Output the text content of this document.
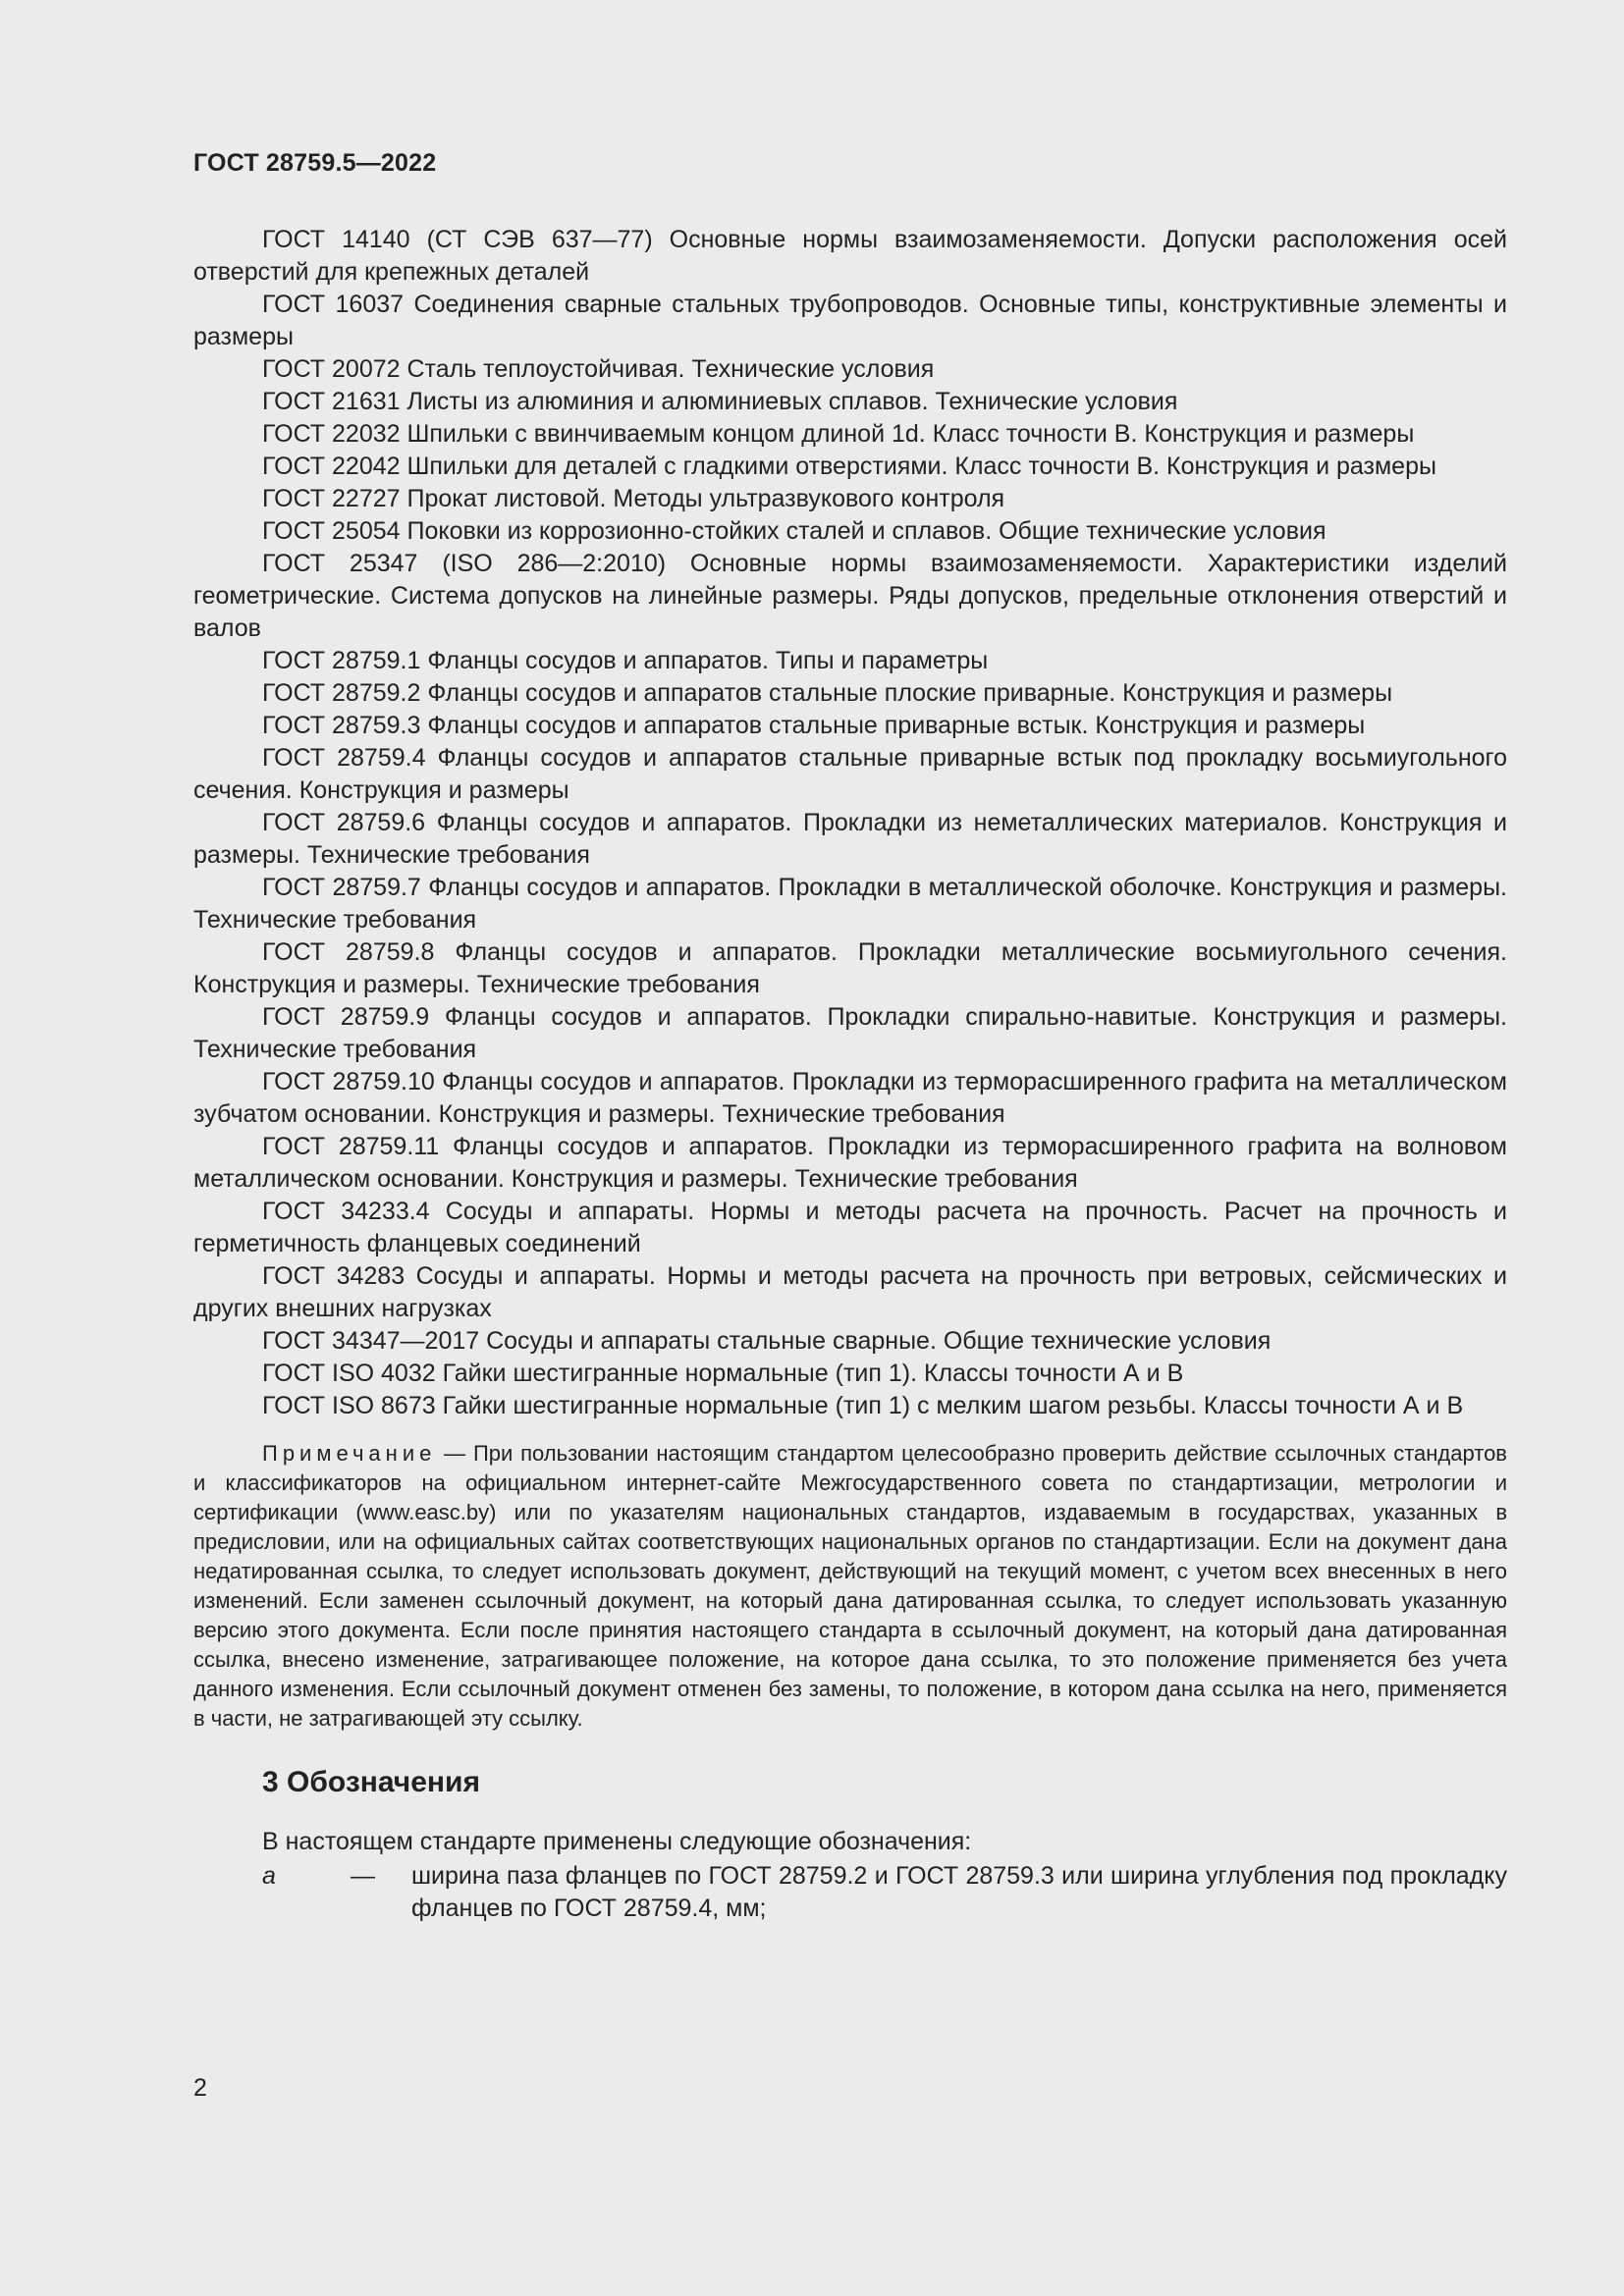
ГОСТ 28759.5—2022
ГОСТ 14140 (СТ СЭВ 637—77) Основные нормы взаимозаменяемости. Допуски расположения осей отверстий для крепежных деталей
ГОСТ 16037 Соединения сварные стальных трубопроводов. Основные типы, конструктивные элементы и размеры
ГОСТ 20072 Сталь теплоустойчивая. Технические условия
ГОСТ 21631 Листы из алюминия и алюминиевых сплавов. Технические условия
ГОСТ 22032 Шпильки с ввинчиваемым концом длиной 1d. Класс точности В. Конструкция и размеры
ГОСТ 22042 Шпильки для деталей с гладкими отверстиями. Класс точности В. Конструкция и размеры
ГОСТ 22727 Прокат листовой. Методы ультразвукового контроля
ГОСТ 25054 Поковки из коррозионно-стойких сталей и сплавов. Общие технические условия
ГОСТ 25347 (ISO 286—2:2010) Основные нормы взаимозаменяемости. Характеристики изделий геометрические. Система допусков на линейные размеры. Ряды допусков, предельные отклонения отверстий и валов
ГОСТ 28759.1 Фланцы сосудов и аппаратов. Типы и параметры
ГОСТ 28759.2 Фланцы сосудов и аппаратов стальные плоские приварные. Конструкция и размеры
ГОСТ 28759.3 Фланцы сосудов и аппаратов стальные приварные встык. Конструкция и размеры
ГОСТ 28759.4 Фланцы сосудов и аппаратов стальные приварные встык под прокладку восьмиугольного сечения. Конструкция и размеры
ГОСТ 28759.6 Фланцы сосудов и аппаратов. Прокладки из неметаллических материалов. Конструкция и размеры. Технические требования
ГОСТ 28759.7 Фланцы сосудов и аппаратов. Прокладки в металлической оболочке. Конструкция и размеры. Технические требования
ГОСТ 28759.8 Фланцы сосудов и аппаратов. Прокладки металлические восьмиугольного сечения. Конструкция и размеры. Технические требования
ГОСТ 28759.9 Фланцы сосудов и аппаратов. Прокладки спирально-навитые. Конструкция и размеры. Технические требования
ГОСТ 28759.10 Фланцы сосудов и аппаратов. Прокладки из терморасширенного графита на металлическом зубчатом основании. Конструкция и размеры. Технические требования
ГОСТ 28759.11 Фланцы сосудов и аппаратов. Прокладки из терморасширенного графита на волновом металлическом основании. Конструкция и размеры. Технические требования
ГОСТ 34233.4 Сосуды и аппараты. Нормы и методы расчета на прочность. Расчет на прочность и герметичность фланцевых соединений
ГОСТ 34283 Сосуды и аппараты. Нормы и методы расчета на прочность при ветровых, сейсмических и других внешних нагрузках
ГОСТ 34347—2017 Сосуды и аппараты стальные сварные. Общие технические условия
ГОСТ ISO 4032 Гайки шестигранные нормальные (тип 1). Классы точности А и В
ГОСТ ISO 8673 Гайки шестигранные нормальные (тип 1) с мелким шагом резьбы. Классы точности А и В
Примечание — При пользовании настоящим стандартом целесообразно проверить действие ссылочных стандартов и классификаторов на официальном интернет-сайте Межгосударственного совета по стандартизации, метрологии и сертификации (www.easc.by) или по указателям национальных стандартов, издаваемым в государствах, указанных в предисловии, или на официальных сайтах соответствующих национальных органов по стандартизации. Если на документ дана недатированная ссылка, то следует использовать документ, действующий на текущий момент, с учетом всех внесенных в него изменений. Если заменен ссылочный документ, на который дана датированная ссылка, то следует использовать указанную версию этого документа. Если после принятия настоящего стандарта в ссылочный документ, на который дана датированная ссылка, внесено изменение, затрагивающее положение, на которое дана ссылка, то это положение применяется без учета данного изменения. Если ссылочный документ отменен без замены, то положение, в котором дана ссылка на него, применяется в части, не затрагивающей эту ссылку.
3 Обозначения
В настоящем стандарте применены следующие обозначения:
a	—	ширина паза фланцев по ГОСТ 28759.2 и ГОСТ 28759.3 или ширина углубления под прокладку фланцев по ГОСТ 28759.4, мм;
2
